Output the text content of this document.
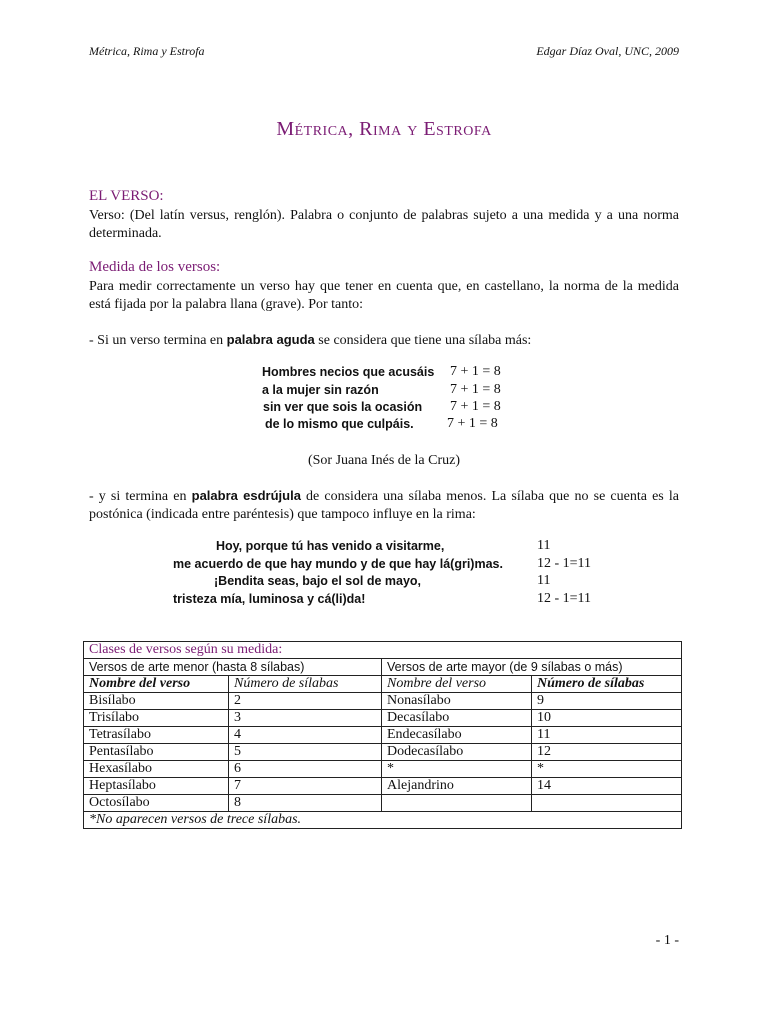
Métrica, Rima y Estrofa	Edgar Díaz Oval, UNC, 2009
Métrica, Rima y Estrofa
EL VERSO:
Verso: (Del latín versus, renglón). Palabra o conjunto de palabras sujeto a una medida y a una norma determinada.
Medida de los versos:
Para medir correctamente un verso hay que tener en cuenta que, en castellano, la norma de la medida está fijada por la palabra llana (grave). Por tanto:
- Si un verso termina en palabra aguda se considera que tiene una sílaba más:
Hombres necios que acusáis 7 + 1 = 8
a la mujer sin razón	7 + 1 = 8
sin ver que sois la ocasión 7 + 1 = 8
de lo mismo que culpáis. 7 + 1 = 8
(Sor Juana Inés de la Cruz)
- y si termina en palabra esdrújula de considera una sílaba menos. La sílaba que no se cuenta es la postónica (indicada entre paréntesis) que tampoco influye en la rima:
Hoy, porque tú has venido a visitarme,	11
me acuerdo de que hay mundo y de que hay lá(gri)mas. 12 - 1=11
¡Bendita seas, bajo el sol de mayo,	11
tristeza mía, luminosa y cá(li)da!	12 - 1=11
Clases de versos según su medida:			
Versos de arte menor (hasta 8 sílabas)		Versos de arte mayor (de 9 sílabas o más)	
Nombre del verso	Número de sílabas	Nombre del verso	Número de sílabas
Bisílabo	2	Nonasílabo	9
Trisílabo	3	Decasílabo	10
Tetrasílabo	4	Endecasílabo	11
Pentasílabo	5	Dodecasílabo	12
Hexasílabo	6	*	*
Heptasílabo	7	Alejandrino	14
Octosílabo	8		
*No aparecen versos de trece sílabas.			
- 1 -
